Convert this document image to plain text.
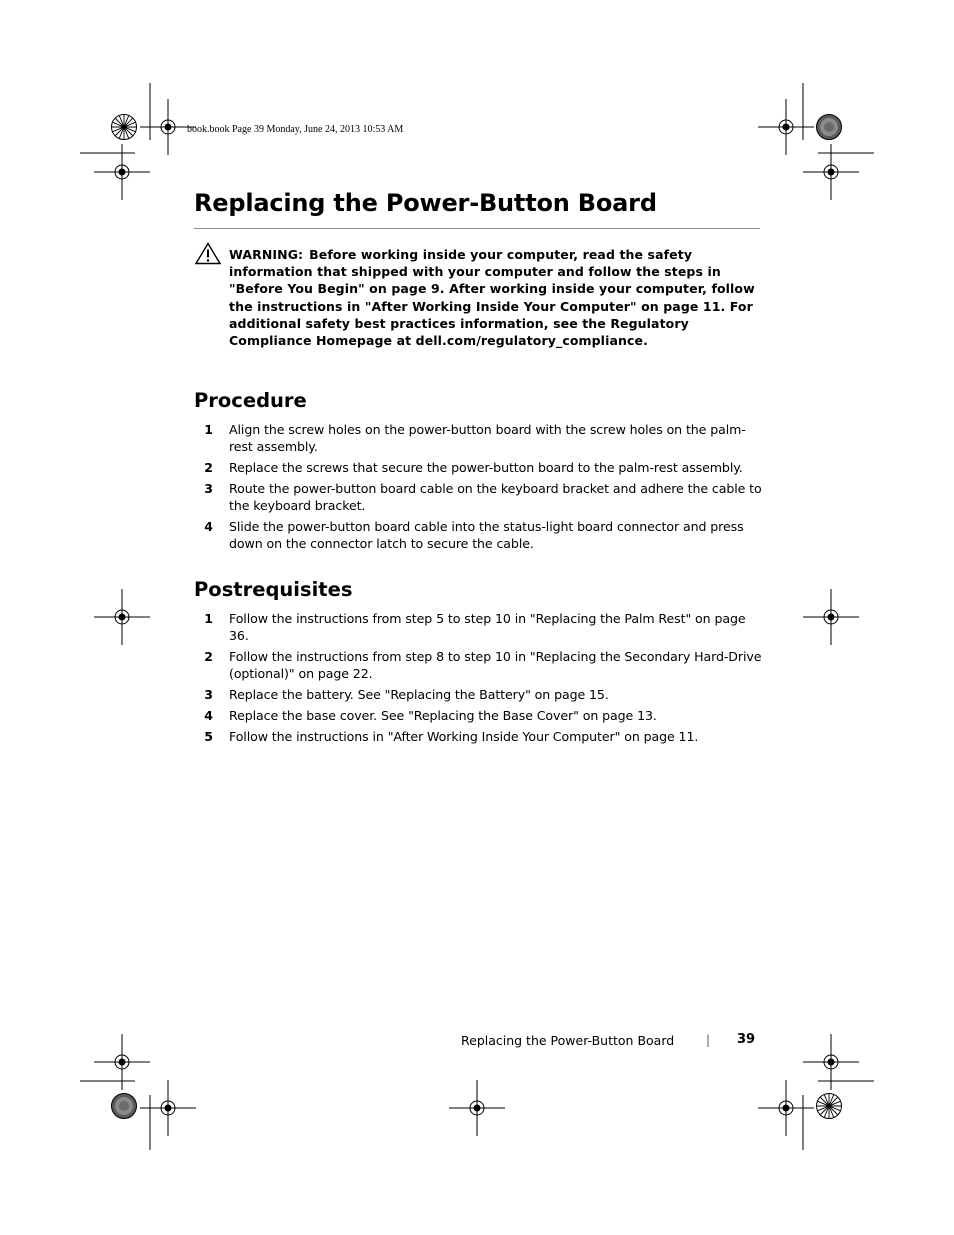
book.book Page 39 Monday, June 24, 2013 10:53 AM
Replacing the Power-Button Board

WARNING: Before working inside your computer, read the safety information that shipped with your computer and follow the steps in "Before You Begin" on page 9. After working inside your computer, follow the instructions in "After Working Inside Your Computer" on page 11. For additional safety best practices information, see the Regulatory Compliance Homepage at dell.com/regulatory_compliance.

Procedure
1 Align the screw holes on the power-button board with the screw holes on the palm-rest assembly.
2 Replace the screws that secure the power-button board to the palm-rest assembly.
3 Route the power-button board cable on the keyboard bracket and adhere the cable to the keyboard bracket.
4 Slide the power-button board cable into the status-light board connector and press down on the connector latch to secure the cable.
Postrequisites
1 Follow the instructions from step 5 to step 10 in "Replacing the Palm Rest" on page 36.
2 Follow the instructions from step 8 to step 10 in "Replacing the Secondary Hard-Drive (optional)" on page 22.
3 Replace the battery. See "Replacing the Battery" on page 15.
4 Replace the base cover. See "Replacing the Base Cover" on page 13.
5 Follow the instructions in "After Working Inside Your Computer" on page 11.
Replacing the Power-Button Board	| 39
